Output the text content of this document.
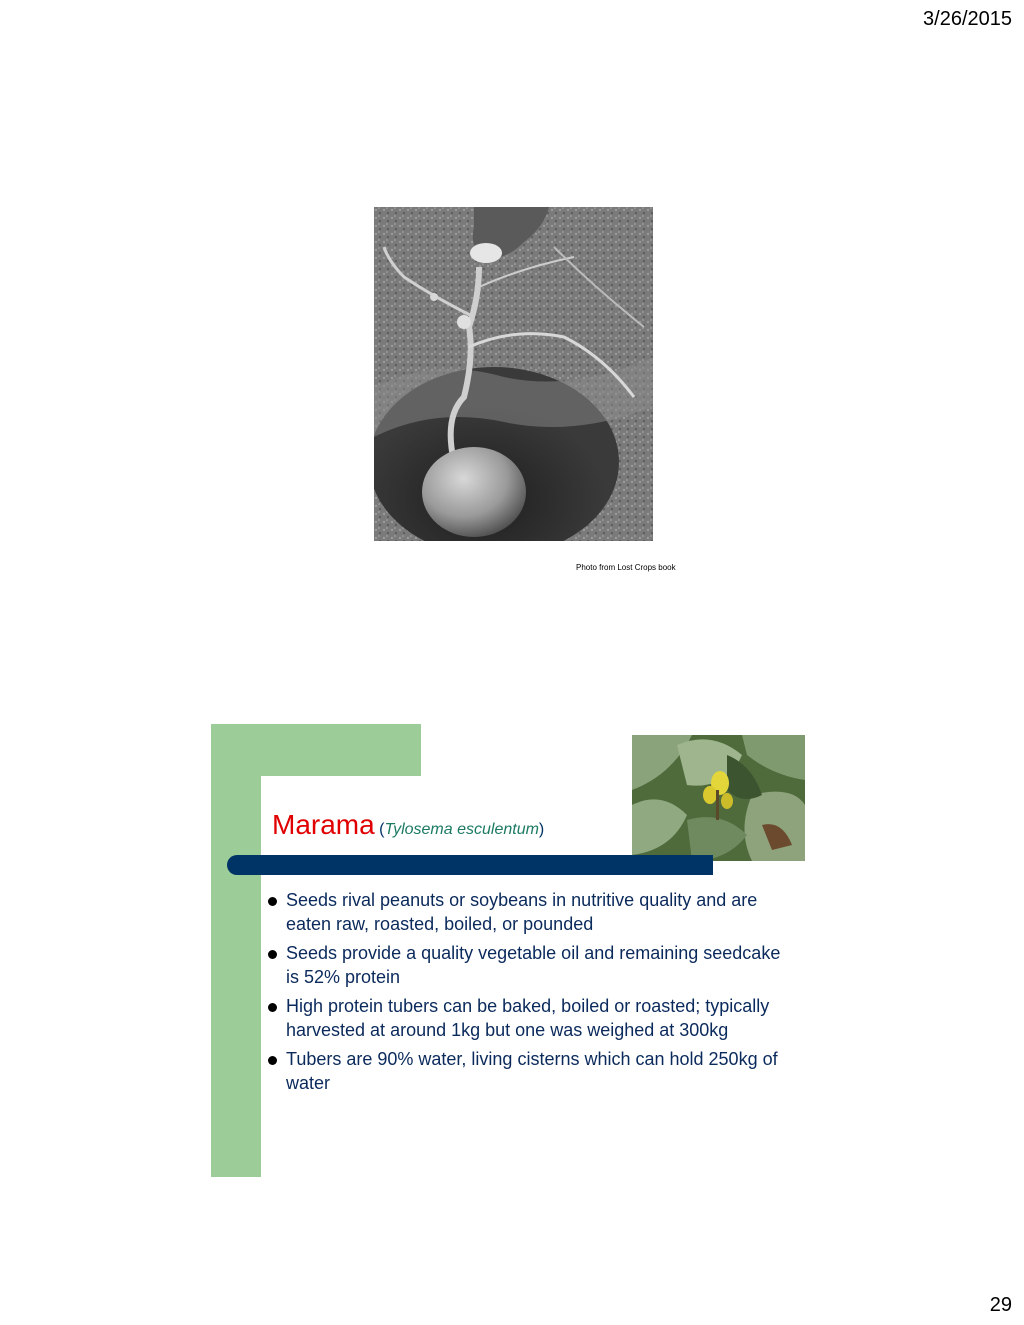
3/26/2015
Photo from Lost Crops book
Marama (Tylosema esculentum)
Seeds rival peanuts or soybeans in nutritive quality and are eaten raw, roasted, boiled, or pounded
Seeds provide a quality vegetable oil and remaining seedcake is 52% protein
High protein tubers can be baked, boiled or roasted; typically harvested at around 1kg but one was weighed at 300kg
Tubers are 90% water, living cisterns which can hold 250kg of water
29
